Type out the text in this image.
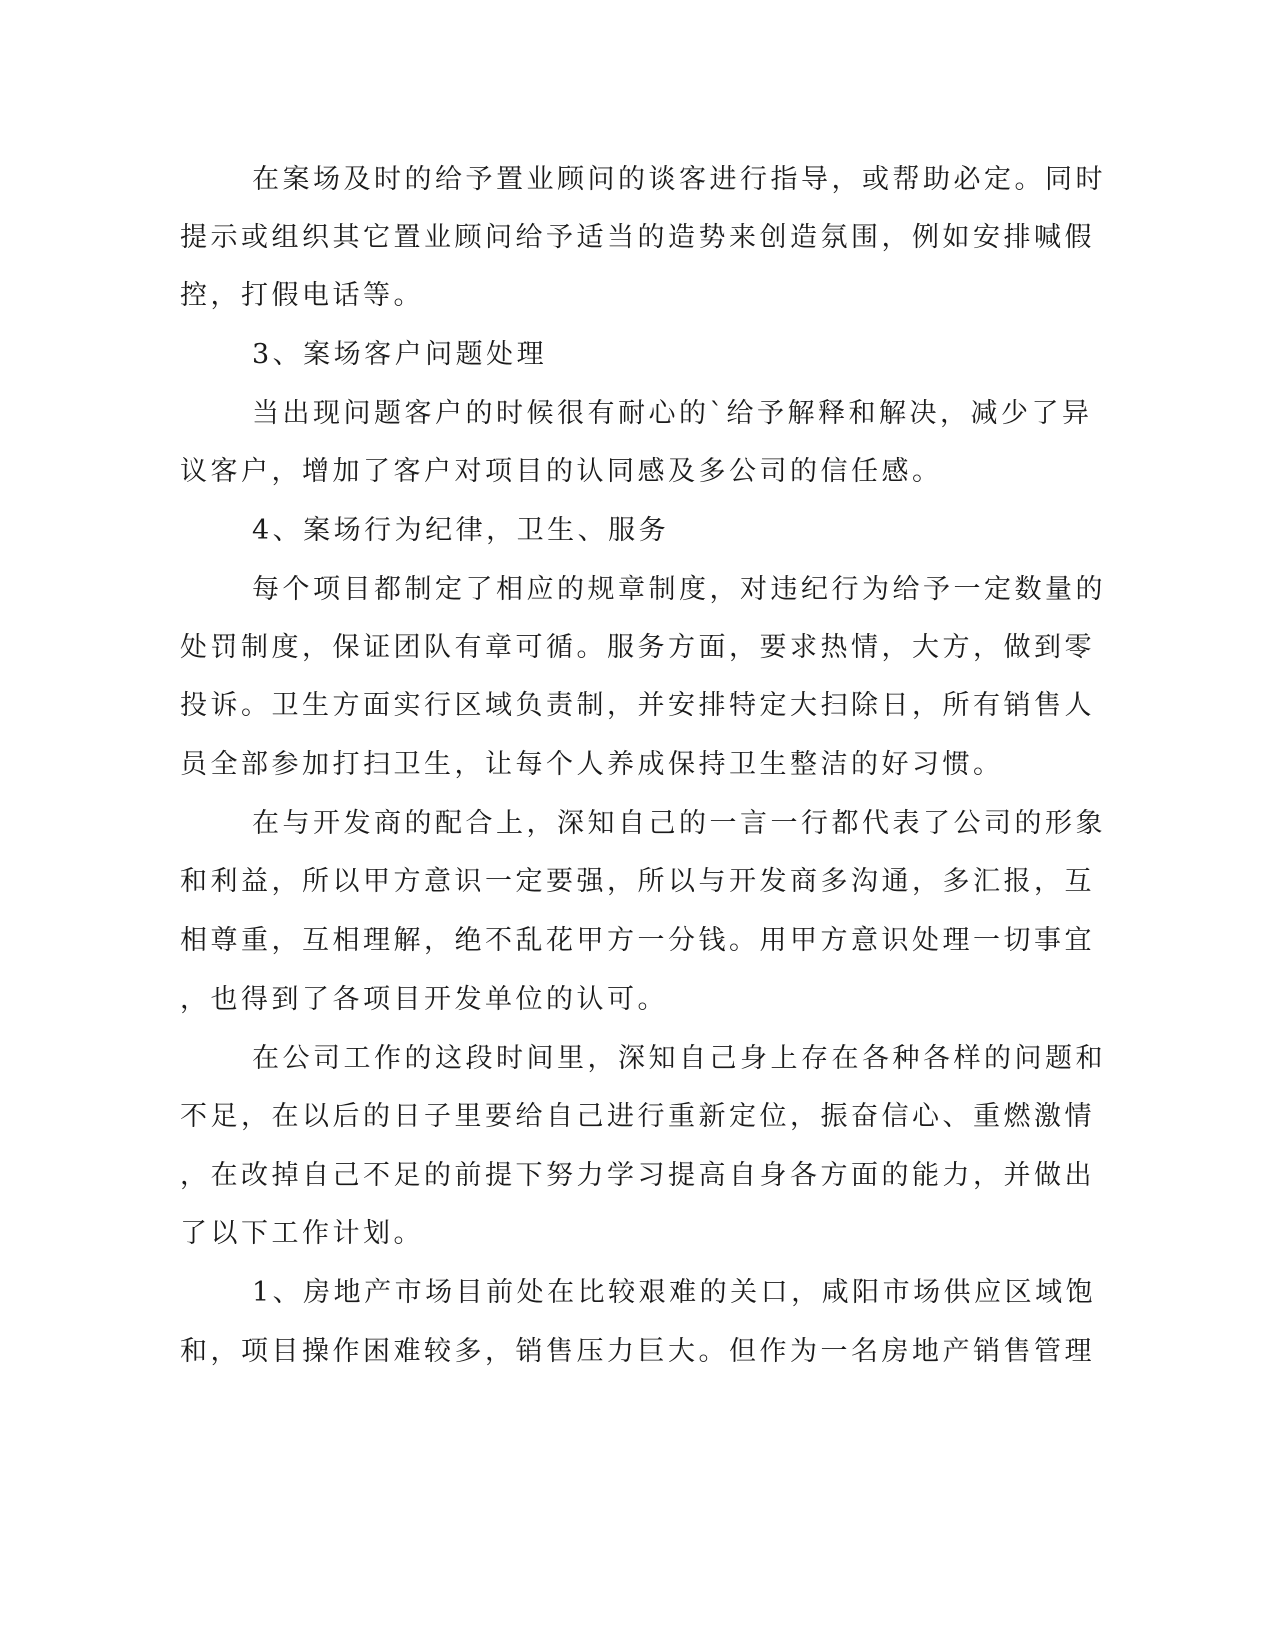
在案场及时的给予置业顾问的谈客进行指导，或帮助必定。同时
提示或组织其它置业顾问给予适当的造势来创造氛围，例如安排喊假
控，打假电话等。
3、案场客户问题处理
当出现问题客户的时候很有耐心的`给予解释和解决，减少了异
议客户，增加了客户对项目的认同感及多公司的信任感。
4、案场行为纪律，卫生、服务
每个项目都制定了相应的规章制度，对违纪行为给予一定数量的
处罚制度，保证团队有章可循。服务方面，要求热情，大方，做到零
投诉。卫生方面实行区域负责制，并安排特定大扫除日，所有销售人
员全部参加打扫卫生，让每个人养成保持卫生整洁的好习惯。
在与开发商的配合上，深知自己的一言一行都代表了公司的形象
和利益，所以甲方意识一定要强，所以与开发商多沟通，多汇报，互
相尊重，互相理解，绝不乱花甲方一分钱。用甲方意识处理一切事宜
，也得到了各项目开发单位的认可。
在公司工作的这段时间里，深知自己身上存在各种各样的问题和
不足，在以后的日子里要给自己进行重新定位，振奋信心、重燃激情
，在改掉自己不足的前提下努力学习提高自身各方面的能力，并做出
了以下工作计划。
1、房地产市场目前处在比较艰难的关口，咸阳市场供应区域饱
和，项目操作困难较多，销售压力巨大。但作为一名房地产销售管理
